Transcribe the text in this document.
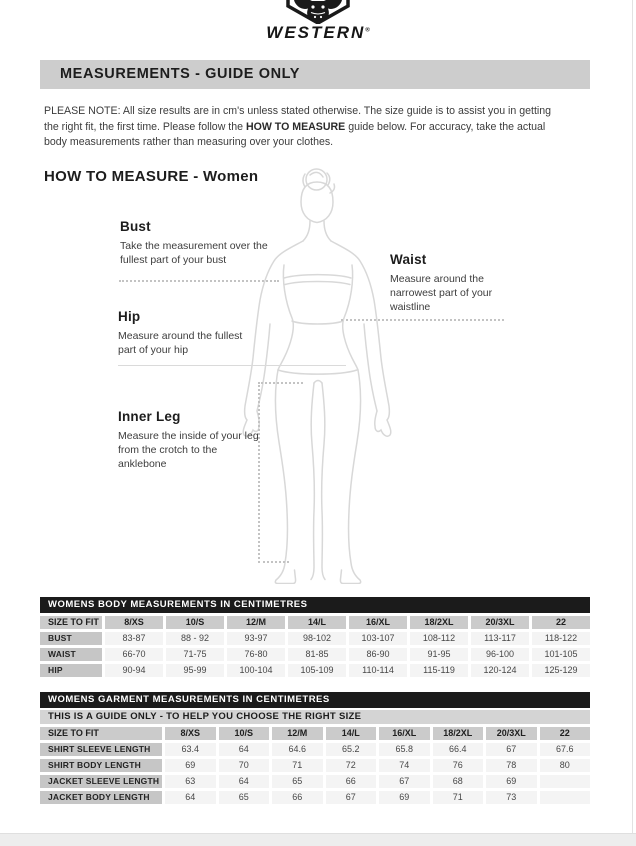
WESTERN®
MEASUREMENTS - GUIDE ONLY

PLEASE NOTE: All size results are in cm's unless stated otherwise. The size guide is to assist you in getting the right fit, the first time. Please follow the HOW TO MEASURE guide below. For accuracy, take the actual body measurements rather than measuring over your clothes.

HOW TO MEASURE - Women
Bust

Take the measurement over the fullest part of your bust	Waist

Measure around the narrowest part of your waistline

Hip

Measure around the fullest part of your hip

Inner Leg

Measure the inside of your leg from the crotch to the anklebone

WOMENS BODY MEASUREMENTS IN CENTIMETRES
SIZE TO FIT	8/XS	10/S	12/M	14/L	16/XL	18/2XL	20/3XL	22
BUST	83-87	88 - 92	93-97	98-102	103-107	108-112	113-117	118-122
WAIST	66-70	71-75	76-80	81-85	86-90	91-95	96-100	101-105
HIP	90-94	95-99	100-104	105-109	110-114	115-119	120-124	125-129
WOMENS GARMENT MEASUREMENTS IN CENTIMETRES
THIS IS A GUIDE ONLY - TO HELP YOU CHOOSE THE RIGHT SIZE
SIZE TO FIT	8/XS	10/S	12/M	14/L	16/XL	18/2XL	20/3XL	22
SHIRT SLEEVE LENGTH	63.4	64	64.6	65.2	65.8	66.4	67	67.6
SHIRT BODY LENGTH	69	70	71	72	74	76	78	80
JACKET SLEEVE LENGTH	63	64	65	66	67	68	69
JACKET BODY LENGTH	64	65	66	67	69	71	73
